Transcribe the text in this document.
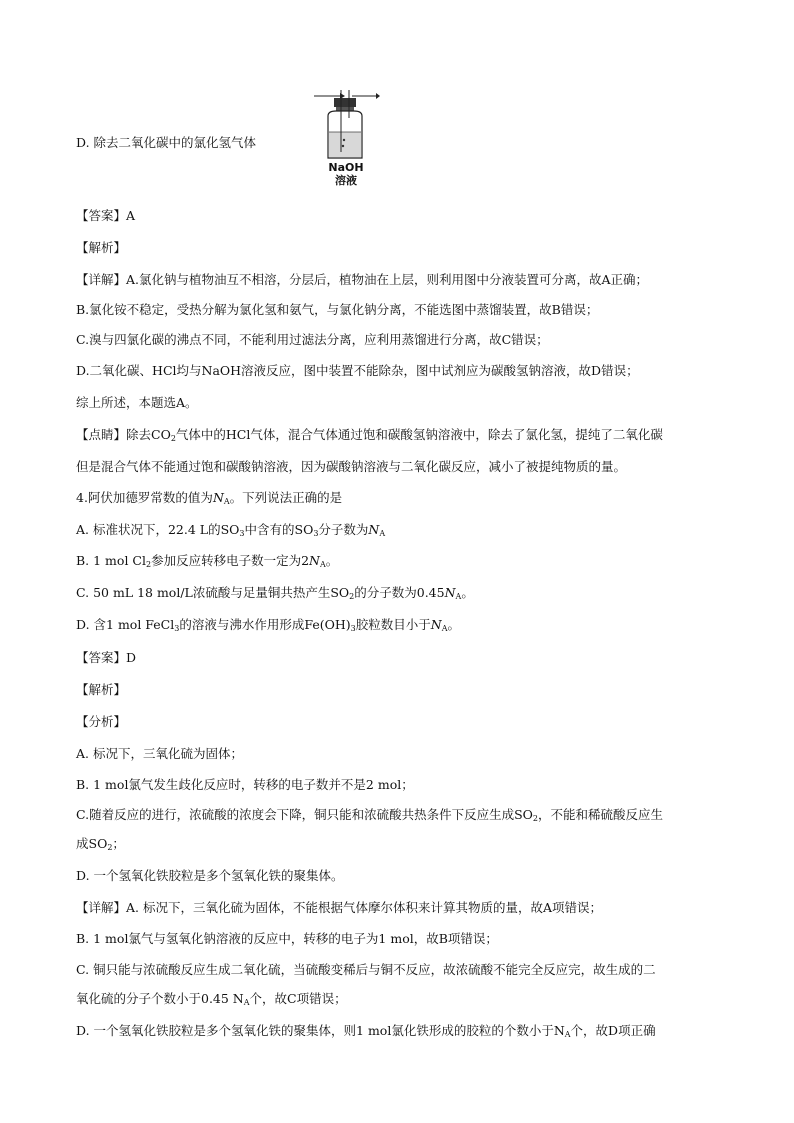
D. 除去二氧化碳中的氯化氢气体
NaOH
溶液
【答案】A
【解析】
【详解】A.氯化钠与植物油互不相溶，分层后，植物油在上层，则利用图中分液装置可分离，故A正确；
B.氯化铵不稳定，受热分解为氯化氢和氨气，与氯化钠分离，不能选图中蒸馏装置，故B错误；
C.溴与四氯化碳的沸点不同，不能利用过滤法分离，应利用蒸馏进行分离，故C错误；
D.二氧化碳、HCl均与NaOH溶液反应，图中装置不能除杂，图中试剂应为碳酸氢钠溶液，故D错误；
综上所述，本题选A。
【点睛】除去$CO_2$气体中的HCl气体，混合气体通过饱和碳酸氢钠溶液中，除去了氯化氢，提纯了二氧化碳
但是混合气体不能通过饱和碳酸钠溶液，因为碳酸钠溶液与二氧化碳反应，减小了被提纯物质的量。
4.阿伏加德罗常数的值为$N_A$。下列说法正确的是
A. 标准状况下，22.4 L的$SO_3$中含有的$SO_3$分子数为$N_A$
B. 1 mol $Cl_2$参加反应转移电子数一定为$2N_A$。
C. 50 mL 18 mol/L浓硫酸与足量铜共热产生$SO_2$的分子数为$0.45N_A$。
D. 含1 mol FeCl$_3$的溶液与沸水作用形成$Fe(OH)_3$胶粒数目小于$N_A$。
【答案】D
【解析】
【分析】
A. 标况下，三氧化硫为固体；
B. 1 mol氯气发生歧化反应时，转移的电子数并不是2 mol；
C.随着反应的进行，浓硫酸的浓度会下降，铜只能和浓硫酸共热条件下反应生成$SO_2$，不能和稀硫酸反应生
成$SO_2$；
D. 一个氢氧化铁胶粒是多个氢氧化铁的聚集体。
【详解】A. 标况下，三氧化硫为固体，不能根据气体摩尔体积来计算其物质的量，故A项错误；
B. 1 mol氯气与氢氧化钠溶液的反应中，转移的电子为1 mol，故B项错误；
C. 铜只能与浓硫酸反应生成二氧化硫，当硫酸变稀后与铜不反应，故浓硫酸不能完全反应完，故生成的二
氧化硫的分子个数小于0.45 $N_A$个，故C项错误；
D. 一个氢氧化铁胶粒是多个氢氧化铁的聚集体，则1 mol氯化铁形成的胶粒的个数小于$N_A$个，故D项正确
